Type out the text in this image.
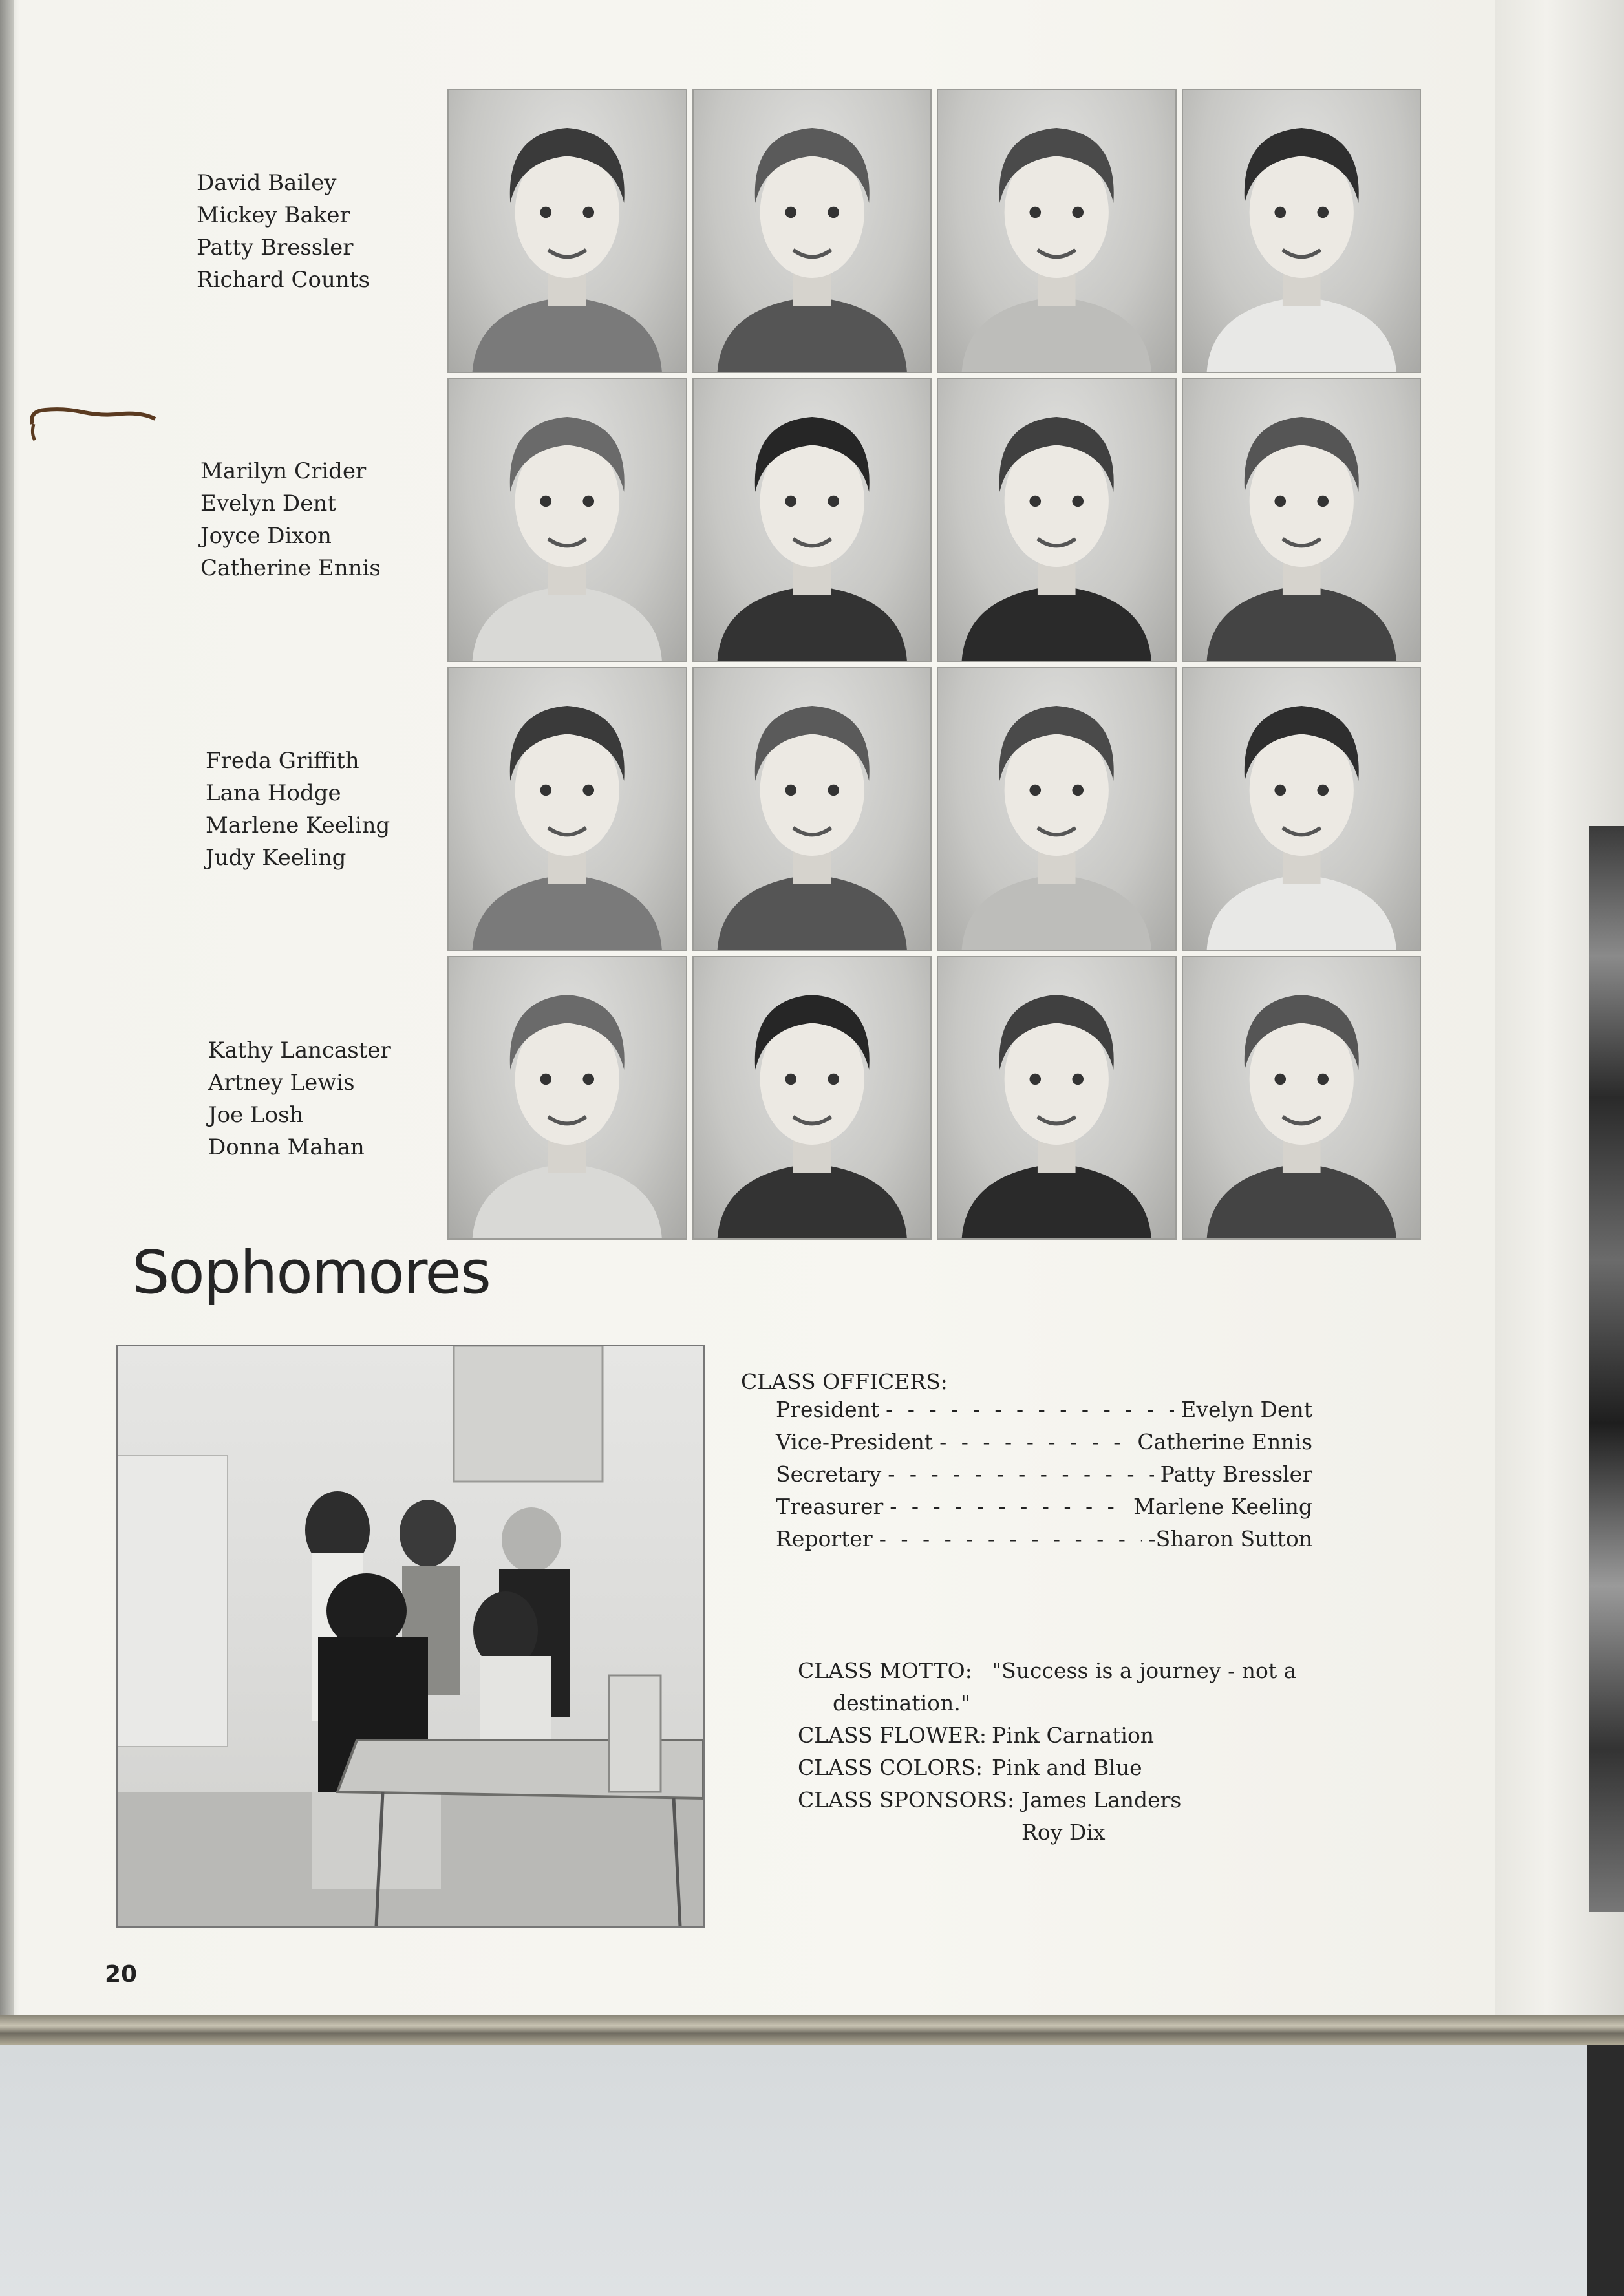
David Bailey
Mickey Baker
Patty Bressler
Richard Counts
Marilyn Crider
Evelyn Dent
Joyce Dixon
Catherine Ennis
Freda Griffith
Lana Hodge
Marlene Keeling
Judy Keeling
Kathy Lancaster
Artney Lewis
Joe Losh
Donna Mahan
Sophomores

CLASS OFFICERS:

President - - -	Evelyn Dent
Vice-President - - -	Catherine Ennis
Secretary - - -	Patty Bressler
Treasurer - - -	Marlene Keeling
Reporter - - -	-Sharon Sutton
CLASS MOTTO: "Success is a journey - not a
destination."
CLASS FLOWER: Pink Carnation
CLASS COLORS: Pink and Blue
CLASS SPONSORS: James Landers
Roy Dix

20
